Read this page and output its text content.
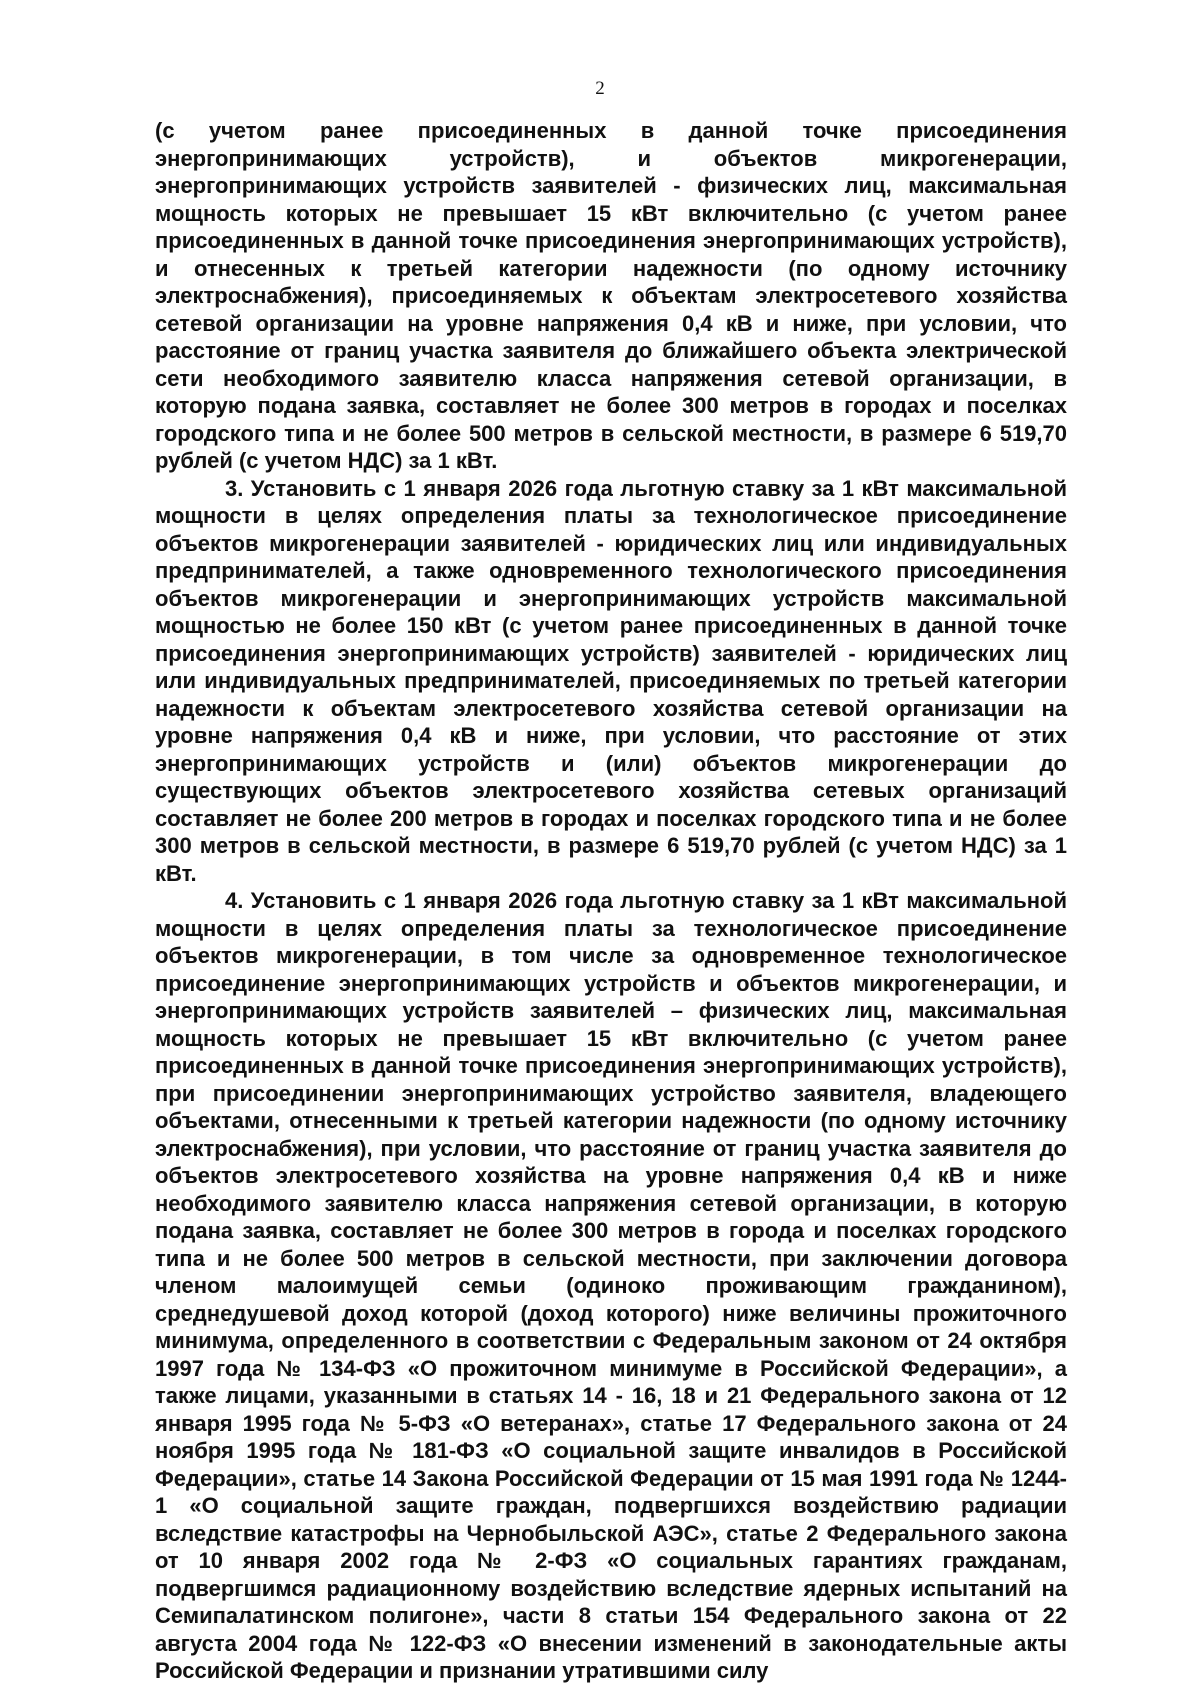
2

(с учетом ранее присоединенных в данной точке присоединения энергопринимающих устройств), и объектов микрогенерации, энергопринимающих устройств заявителей - физических лиц, максимальная мощность которых не превышает 15 кВт включительно (с учетом ранее присоединенных в данной точке присоединения энергопринимающих устройств), и отнесенных к третьей категории надежности (по одному источнику электроснабжения), присоединяемых к объектам электросетевого хозяйства сетевой организации на уровне напряжения 0,4 кВ и ниже, при условии, что расстояние от границ участка заявителя до ближайшего объекта электрической сети необходимого заявителю класса напряжения сетевой организации, в которую подана заявка, составляет не более 300 метров в городах и поселках городского типа и не более 500 метров в сельской местности, в размере 6 519,70 рублей (с учетом НДС) за 1 кВт.

3. Установить с 1 января 2026 года льготную ставку за 1 кВт максимальной мощности в целях определения платы за технологическое присоединение объектов микрогенерации заявителей - юридических лиц или индивидуальных предпринимателей, а также одновременного технологического присоединения объектов микрогенерации и энергопринимающих устройств максимальной мощностью не более 150 кВт (с учетом ранее присоединенных в данной точке присоединения энергопринимающих устройств) заявителей - юридических лиц или индивидуальных предпринимателей, присоединяемых по третьей категории надежности к объектам электросетевого хозяйства сетевой организации на уровне напряжения 0,4 кВ и ниже, при условии, что расстояние от этих энергопринимающих устройств и (или) объектов микрогенерации до существующих объектов электросетевого хозяйства сетевых организаций составляет не более 200 метров в городах и поселках городского типа и не более 300 метров в сельской местности, в размере 6 519,70 рублей (с учетом НДС) за 1 кВт.

4. Установить с 1 января 2026 года льготную ставку за 1 кВт максимальной мощности в целях определения платы за технологическое присоединение объектов микрогенерации, в том числе за одновременное технологическое присоединение энергопринимающих устройств и объектов микрогенерации, и энергопринимающих устройств заявителей – физических лиц, максимальная мощность которых не превышает 15 кВт включительно (с учетом ранее присоединенных в данной точке присоединения энергопринимающих устройств), при присоединении энергопринимающих устройство заявителя, владеющего объектами, отнесенными к третьей категории надежности (по одному источнику электроснабжения), при условии, что расстояние от границ участка заявителя до объектов электросетевого хозяйства на уровне напряжения 0,4 кВ и ниже необходимого заявителю класса напряжения сетевой организации, в которую подана заявка, составляет не более 300 метров в города и поселках городского типа и не более 500 метров в сельской местности, при заключении договора членом малоимущей семьи (одиноко проживающим гражданином), среднедушевой доход которой (доход которого) ниже величины прожиточного минимума, определенного в соответствии с Федеральным законом от 24 октября 1997 года № 134-ФЗ «О прожиточном минимуме в Российской Федерации», а также лицами, указанными в статьях 14 - 16, 18 и 21 Федерального закона от 12 января 1995 года № 5-ФЗ «О ветеранах», статье 17 Федерального закона от 24 ноября 1995 года № 181-ФЗ «О социальной защите инвалидов в Российской Федерации», статье 14 Закона Российской Федерации от 15 мая 1991 года № 1244-1 «О социальной защите граждан, подвергшихся воздействию радиации вследствие катастрофы на Чернобыльской АЭС», статье 2 Федерального закона от 10 января 2002 года № 2-ФЗ «О социальных гарантиях гражданам, подвергшимся радиационному воздействию вследствие ядерных испытаний на Семипалатинском полигоне», части 8 статьи 154 Федерального закона от 22 августа 2004 года № 122-ФЗ «О внесении изменений в законодательные акты Российской Федерации и признании утратившими силу
